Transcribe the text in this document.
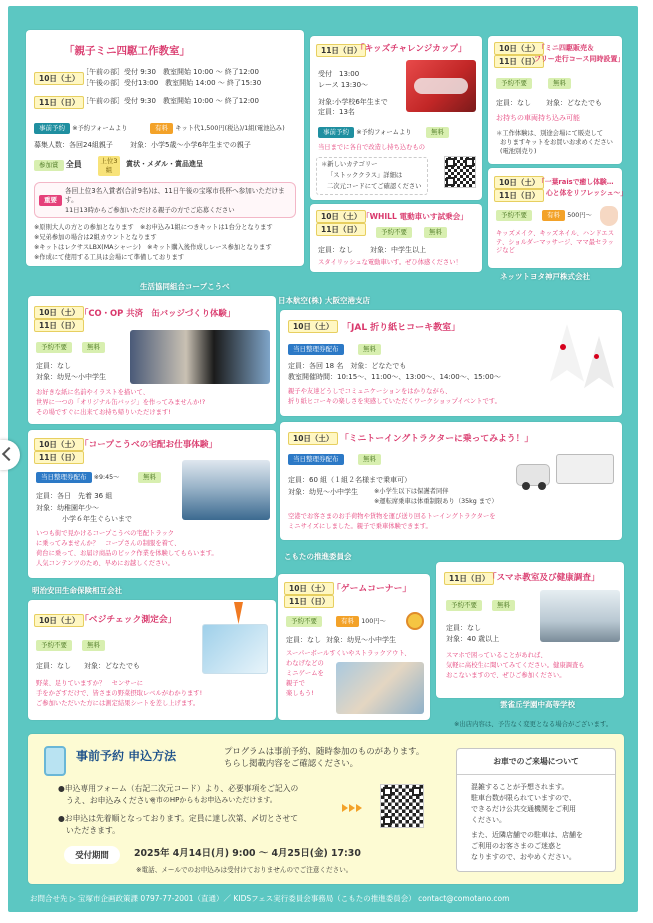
「親子ミニ四駆工作教室」
10日（土）
［午前の部］受付 9:30　教室開始 10:00 ～ 終了12:00
［午後の部］受付13:00　教室開始 14:00 ～ 終了15:30
11日（日） ［午前の部］受付 9:30　教室開始 10:00 ～ 終了12:00
事前予約 ※予約フォームより	有料 キット代1,500円(税込)/1組(電池込み)
募集人数：各回24組親子 対象：小学5歳～小学6年生までの親子
参加賞 全員	上位3組
賞状・メダル・賞品進呈
重要
各回上位3名入賞者(合計9名)は、11日午後の宝塚市長杯へ参加いただけます。
11日13時からご参加いただける親子の方でご応募ください
※原則大人の方との参加となります　※お申込み1組につきキットは1台分となります
※兄弟参加の場合は2組カウントとなります
※キットはレクサスLBX(MAシャーシ)　※キット購入後作成しレース参加となります
※作成にて使用する工具は会場にて準備しております
11日（日）
「キッズチャレンジカップ」
受付　13:00
レース 13:30～
対象:小学校6年生まで
定員：13名
事前予約 ※予約フォームより	無料
当日までに各自で改造し持ち込むもの
＊新しいカテゴリー
「ストッククラス」詳細は
二次元コードにてご確認ください
10日（土）
11日（日）
「ミニ四駆販売＆
フリー走行コース同時設置」
予約不要	無料
定員：なし 対象：どなたでも
お持ちの車両持ち込み可能
＊工作体験は、別途会場にて販売して
おりますキットをお買いお求めください
(電池別売り)
10日（土）
11日（日）
「WHILL 電動車いす試乗会」
予約不要	無料
定員：なし 対象：中学生以上
スタイリッシュな電動車いす。ぜひ体感ください！
10日（土）
11日（日）
「一葉raisで癒し体験…
心と体をリフレッシュ～」
予約不要	有料 500円～
キッズメイク、キッズネイル、ハンドエステ、ショルダーマッサージ、ママ最セラッジなど
ネッツトヨタ神戸株式会社
生活協同組合コープこうべ
日本航空(株) 大阪空港支店
10日（土）
11日（日）
「CO・OP 共済　缶バッジづくり体験」
予約不要	無料
定員：なし
対象：幼児～小中学生
お好きな紙に名前やイラストを描いて、
世界に一つの「オリジナル缶バッジ」を作ってみませんか!?
その場ですぐに出来てお持ち帰りいただけます!
10日（土） 「JAL 折り紙ヒコーキ教室」
当日整理券配布	無料
定員：各回 18 名　対象：どなたでも
教室開催時間：10:15～、11:00～、13:00～、14:00～、15:00～
親子や友達どうしでコミュニケーションをはかりながら、
折り紙ヒコーキの楽しさを実感していただくワークショップイベントです。
10日（土）
11日（日）
「コープこうべの宅配お仕事体験」
当日整理券配布 ※9:45～	無料
定員：各日　先着 36 組
対象：幼稚園年少～
小学６年生ぐらいまで
いつも街で見かけるコープこうべの宅配トラック
に乗ってみませんか？　コープさんの制服を着て、
荷台に乗って、お届け商品のピック作業を体験してもらいます。
人気コンテンツのため、早めにお越しください。
10日（土） 「ミニトーイングトラクターに乗ってみよう！」
当日整理券配布	無料
定員：60 組（１組２名様まで乗車可）
対象：幼児～小中学生	※小学生以下は保護者同伴
※運転席乗車は体重制限あり（35kg まで）
空港でお客さまのお手荷物や貨物を運び送り回るトーイングトラクターを
ミニサイズにしました。親子で乗車体験できます。
明治安田生命保険相互会社
こもたの推進委員会
10日（土） 「ベジチェック測定会」
予約不要	無料
定員：なし 対象：どなたでも
野菜、足りていますか？　センサーに
手をかざすだけで、皆さまの野菜摂取レベルがわかります!
ご参加いただいた方には測定結果シートを差し上げます。
10日（土）
11日（日）
「ゲームコーナー」
予約不要	有料 100円～
定員：なし 対象：幼児～小中学生
スーパーボールすくいやストラックアウト、
わなげなどの
ミニゲームを
親子で
楽しもう!
11日（日）
「スマホ教室及び健康調査」
予約不要	無料
定員：なし
対象：40 歳以上
スマホで困っていることがあれば、
気軽に高校生に聞いてみてください。健康調査も
おこないますので、ぜひご参加ください。
雲雀丘学園中高等学校
※出店内容は、予告なく変更となる場合がございます。
事前予約 申込方法	プログラムは事前予約、随時参加のものがあります。
ちらし掲載内容をご確認ください。
●申込専用フォーム（右記二次元コード）より、必要事項をご記入の
うえ、お申込みください。
※市のHPからもお申込みいただけます。
●お申込は先着順となっております。定員に達し次第、〆切とさせて
いただきます。
受付期間	2025年 4月14日(月) 9:00 ～ 4月25日(金) 17:30
※電話、メールでのお申込みは受付けておりませんのでご注意ください。
お車でのご来場について
混雑することが予想されます。
駐車台数が限られていますので、
できるだけ公共交通機関をご利用
ください。
また、近隣店舗での駐車は、店舗を
ご利用のお客さまのご迷惑と
なりますので、おやめください。
お問合せ先 ▷ 宝塚市企画政策課 0797-77-2001（直通）／ KIDSフェス実行委員会事務局（こもたの推進委員会） contact@comotano.com
